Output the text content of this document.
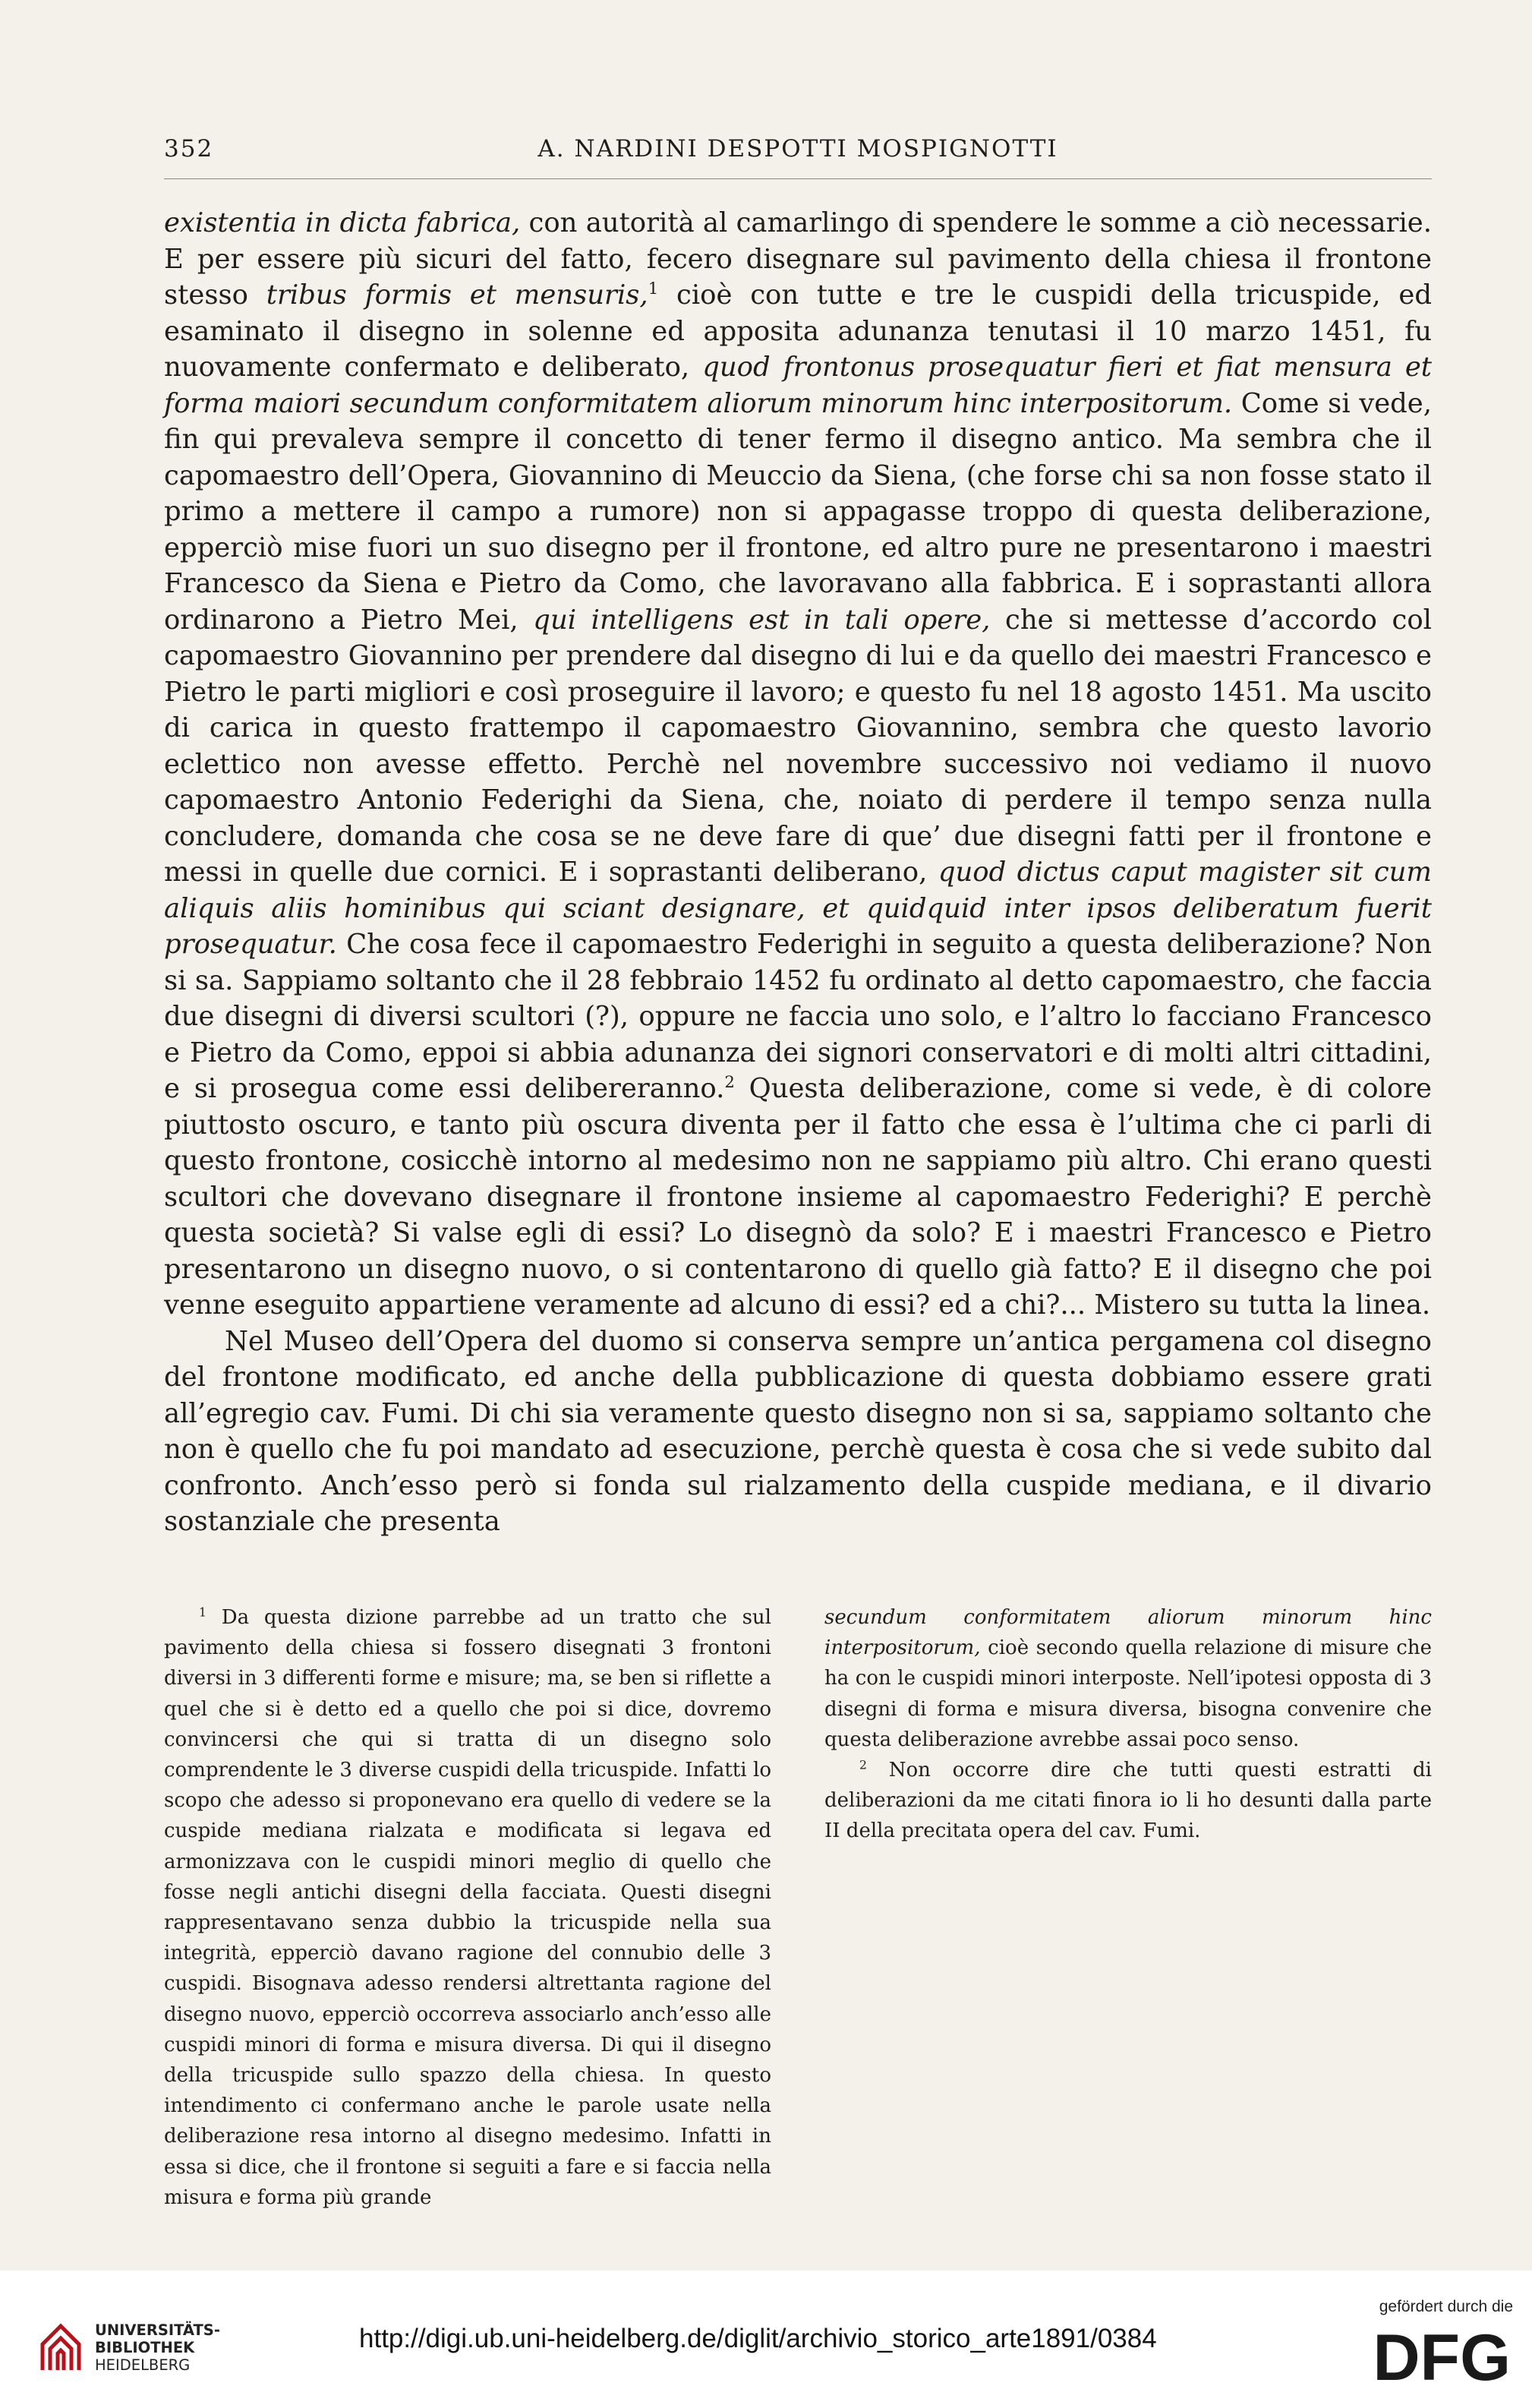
352	A. NARDINI DESPOTTI MOSPIGNOTTI

existentia in dicta fabrica, con autorità al camarlingo di spendere le somme a ciò necessarie. E per essere più sicuri del fatto, fecero disegnare sul pavimento della chiesa il frontone stesso tribus formis et mensuris,$^1$ cioè con tutte e tre le cuspidi della tricuspide, ed esaminato il disegno in solenne ed apposita adunanza tenutasi il 10 marzo 1451, fu nuovamente confermato e deliberato, quod frontonus prosequatur fieri et fiat mensura et forma maiori secundum conformitatem aliorum minorum hinc interpositorum. Come si vede, fin qui prevaleva sempre il concetto di tener fermo il disegno antico. Ma sembra che il capomaestro dell’Opera, Giovannino di Meuccio da Siena, (che forse chi sa non fosse stato il primo a mettere il campo a rumore) non si appagasse troppo di questa deliberazione, epperciò mise fuori un suo disegno per il frontone, ed altro pure ne presentarono i maestri Francesco da Siena e Pietro da Como, che lavoravano alla fabbrica. E i soprastanti allora ordinarono a Pietro Mei, qui intelligens est in tali opere, che si mettesse d’accordo col capomaestro Giovannino per prendere dal disegno di lui e da quello dei maestri Francesco e Pietro le parti migliori e così proseguire il lavoro; e questo fu nel 18 agosto 1451. Ma uscito di carica in questo frattempo il capomaestro Giovannino, sembra che questo lavorio eclettico non avesse effetto. Perchè nel novembre successivo noi vediamo il nuovo capomaestro Antonio Federighi da Siena, che, noiato di perdere il tempo senza nulla concludere, domanda che cosa se ne deve fare di que’ due disegni fatti per il frontone e messi in quelle due cornici. E i soprastanti deliberano, quod dictus caput magister sit cum aliquis aliis hominibus qui sciant designare, et quidquid inter ipsos deliberatum fuerit prosequatur. Che cosa fece il capomaestro Federighi in seguito a questa deliberazione? Non si sa. Sappiamo soltanto che il 28 febbraio 1452 fu ordinato al detto capomaestro, che faccia due disegni di diversi scultori (?), oppure ne faccia uno solo, e l’altro lo facciano Francesco e Pietro da Como, eppoi si abbia adunanza dei signori conservatori e di molti altri cittadini, e si prosegua come essi delibereranno.$^2$ Questa deliberazione, come si vede, è di colore piuttosto oscuro, e tanto più oscura diventa per il fatto che essa è l’ultima che ci parli di questo frontone, cosicchè intorno al medesimo non ne sappiamo più altro. Chi erano questi scultori che dovevano disegnare il frontone insieme al capomaestro Federighi? E perchè questa società? Si valse egli di essi? Lo disegnò da solo? E i maestri Francesco e Pietro presentarono un disegno nuovo, o si contentarono di quello già fatto? E il disegno che poi venne eseguito appartiene veramente ad alcuno di essi? ed a chi?... Mistero su tutta la linea.

Nel Museo dell’Opera del duomo si conserva sempre un’antica pergamena col disegno del frontone modificato, ed anche della pubblicazione di questa dobbiamo essere grati all’egregio cav. Fumi. Di chi sia veramente questo disegno non si sa, sappiamo soltanto che non è quello che fu poi mandato ad esecuzione, perchè questa è cosa che si vede subito dal confronto. Anch’esso però si fonda sul rialzamento della cuspide mediana, e il divario sostanziale che presenta

$^1$ Da questa dizione parrebbe ad un tratto che sul pavimento della chiesa si fossero disegnati 3 frontoni diversi in 3 differenti forme e misure; ma, se ben si riflette a quel che si è detto ed a quello che poi si dice, dovremo convincersi che qui si tratta di un disegno solo comprendente le 3 diverse cuspidi della tricuspide. Infatti lo scopo che adesso si proponevano era quello di vedere se la cuspide mediana rialzata e modificata si legava ed armonizzava con le cuspidi minori meglio di quello che fosse negli antichi disegni della facciata. Questi disegni rappresentavano senza dubbio la tricuspide nella sua integrità, epperciò davano ragione del connubio delle 3 cuspidi. Bisognava adesso rendersi altrettanta ragione del disegno nuovo, epperciò occorreva associarlo anch’esso alle cuspidi minori di forma e misura diversa. Di qui il disegno della tricuspide sullo spazzo della chiesa. In questo intendimento ci confermano anche le parole usate nella deliberazione resa intorno al disegno medesimo. Infatti in essa si dice, che il frontone si seguiti a fare e si faccia nella misura e forma più grande

secundum conformitatem aliorum minorum hinc interpositorum, cioè secondo quella relazione di misure che ha con le cuspidi minori interposte. Nell’ipotesi opposta di 3 disegni di forma e misura diversa, bisogna convenire che questa deliberazione avrebbe assai poco senso.

$^2$ Non occorre dire che tutti questi estratti di deliberazioni da me citati finora io li ho desunti dalla parte II della precitata opera del cav. Fumi.

UNIVERSITÄTS-
BIBLIOTHEK
HEIDELBERG
http://digi.ub.uni-heidelberg.de/diglit/archivio_storico_arte1891/0384
gefördert durch die
DFG
